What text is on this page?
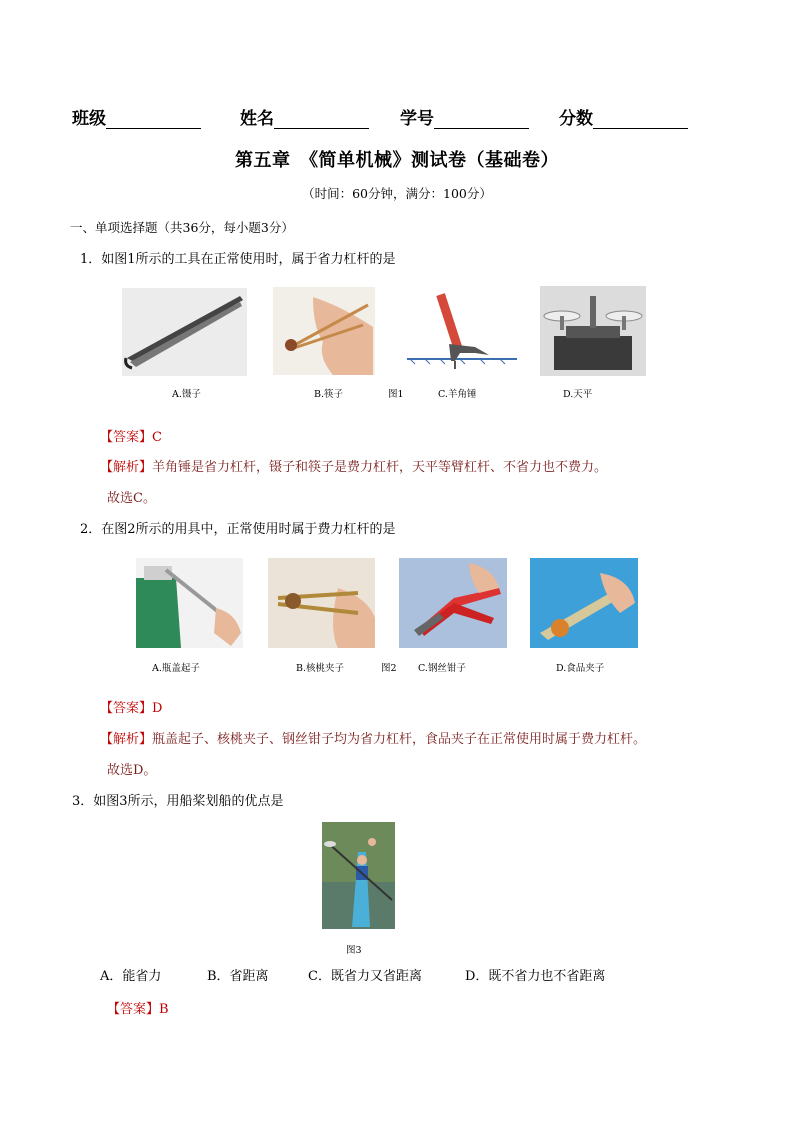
班级	姓名	学号	分数
第五章　《简单机械》测试卷（基础卷）
（时间：60分钟，满分：100分）
一、单项选择题（共36分，每小题3分）
1．如图1所示的工具在正常使用时，属于省力杠杆的是
A.镊子	B.筷子	图1	C.羊角锤	D.天平
【答案】C
【解析】羊角锤是省力杠杆，镊子和筷子是费力杠杆，天平等臂杠杆、不省力也不费力。
故选C。
2．在图2所示的用具中，正常使用时属于费力杠杆的是
A.瓶盖起子	B.核桃夹子	图2 C.钢丝钳子	D.食品夹子
【答案】D
【解析】瓶盖起子、核桃夹子、钢丝钳子均为省力杠杆，食品夹子在正常使用时属于费力杠杆。
故选D。
3．如图3所示，用船桨划船的优点是
图3
A．能省力	B．省距离	C．既省力又省距离	D．既不省力也不省距离
【答案】B
